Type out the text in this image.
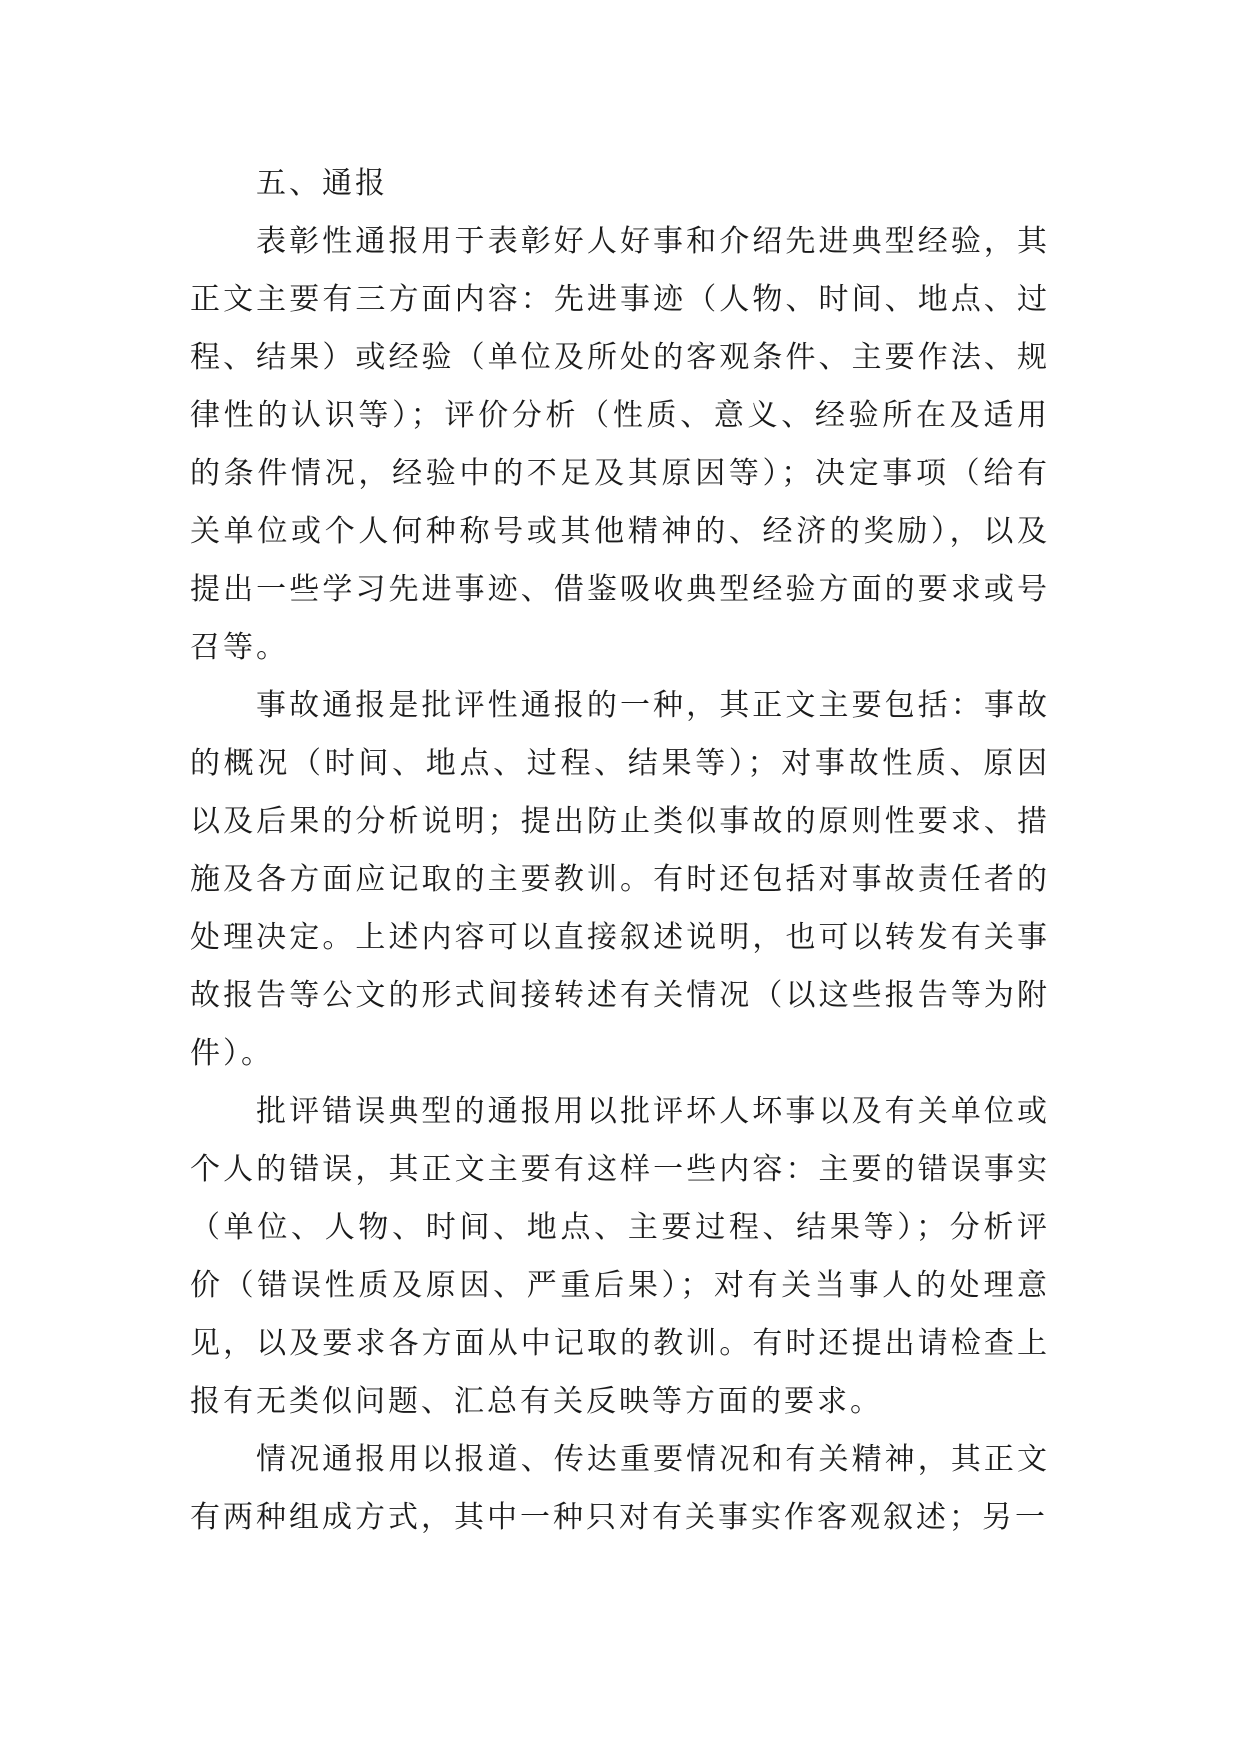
五、通报

表彰性通报用于表彰好人好事和介绍先进典型经验，其正文主要有三方面内容：先进事迹（人物、时间、地点、过程、结果）或经验（单位及所处的客观条件、主要作法、规律性的认识等）；评价分析（性质、意义、经验所在及适用的条件情况，经验中的不足及其原因等）；决定事项（给有关单位或个人何种称号或其他精神的、经济的奖励），以及提出一些学习先进事迹、借鉴吸收典型经验方面的要求或号召等。

事故通报是批评性通报的一种，其正文主要包括：事故的概况（时间、地点、过程、结果等）；对事故性质、原因以及后果的分析说明；提出防止类似事故的原则性要求、措施及各方面应记取的主要教训。有时还包括对事故责任者的处理决定。上述内容可以直接叙述说明，也可以转发有关事故报告等公文的形式间接转述有关情况（以这些报告等为附件）。

批评错误典型的通报用以批评坏人坏事以及有关单位或个人的错误，其正文主要有这样一些内容：主要的错误事实（单位、人物、时间、地点、主要过程、结果等）；分析评价（错误性质及原因、严重后果）；对有关当事人的处理意见，以及要求各方面从中记取的教训。有时还提出请检查上报有无类似问题、汇总有关反映等方面的要求。

情况通报用以报道、传达重要情况和有关精神，其正文有两种组成方式，其中一种只对有关事实作客观叙述；另一
